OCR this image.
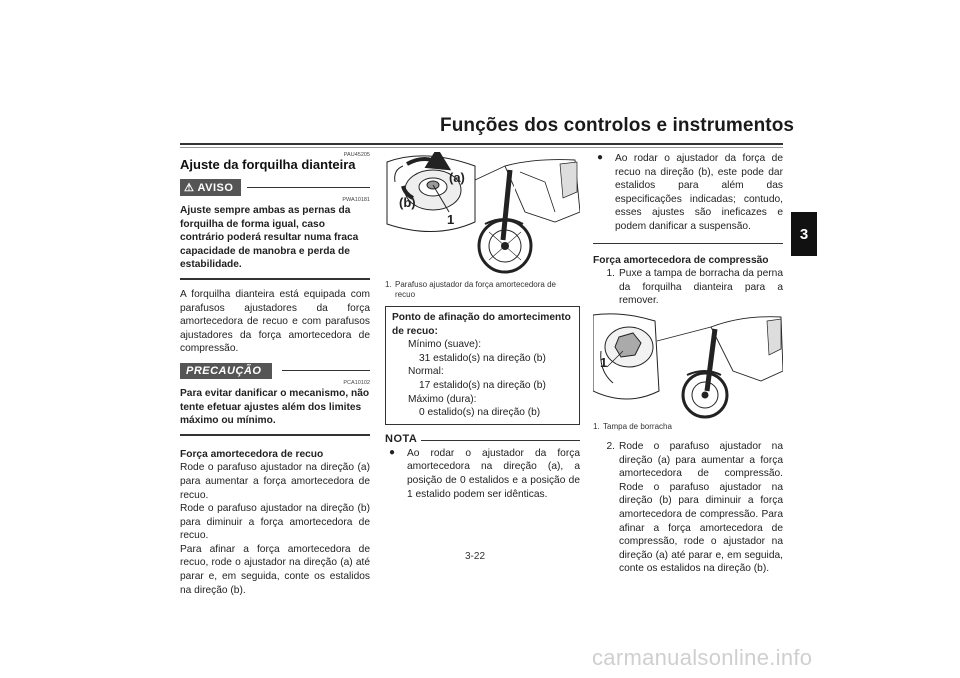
Funções dos controlos e instrumentos
3
PAU45205
Ajuste da forquilha dianteira
⚠ AVISO
PWA10181

Ajuste sempre ambas as pernas da forquilha de forma igual, caso contrário poderá resultar numa fraca capacidade de manobra e perda de estabilidade.

A forquilha dianteira está equipada com parafusos ajustadores da força amortecedora de recuo e com parafusos ajustadores da força amortecedora de compressão.

PRECAUÇÃO
PCA10102

Para evitar danificar o mecanismo, não tente efetuar ajustes além dos limites máximo ou mínimo.

Força amortecedora de recuo

Rode o parafuso ajustador na direção (a) para aumentar a força amortecedora de recuo.

Rode o parafuso ajustador na direção (b) para diminuir a força amortecedora de recuo.

Para afinar a força amortecedora de recuo, rode o ajustador na direção (a) até parar e, em seguida, conte os estalidos na direção (b).

(a)
(b)
1
1. Parafuso ajustador da força amortecedora de recuo

Ponto de afinação do amortecimento de recuo:

Mínimo (suave):

31 estalido(s) na direção (b)

Normal:

17 estalido(s) na direção (b)

Máximo (dura):

0 estalido(s) na direção (b)

NOTA
●	Ao rodar o ajustador da força amortecedora na direção (a), a posição de 0 estalidos e a posição de 1 estalido podem ser idênticas.

●	Ao rodar o ajustador da força de recuo na direção (b), este pode dar estalidos para além das especificações indicadas; contudo, esses ajustes são ineficazes e podem danificar a suspensão.

Força amortecedora de compressão

1. Puxe a tampa de borracha da perna da forquilha dianteira para a remover.

1
1. Tampa de borracha
2. Rode o parafuso ajustador na direção (a) para aumentar a força amortecedora de compressão. Rode o parafuso ajustador na direção (b) para diminuir a força amortecedora de compressão. Para afinar a força amortecedora de compressão, rode o ajustador na direção (a) até parar e, em seguida, conte os estalidos na direção (b).

3-22
carmanualsonline.info
